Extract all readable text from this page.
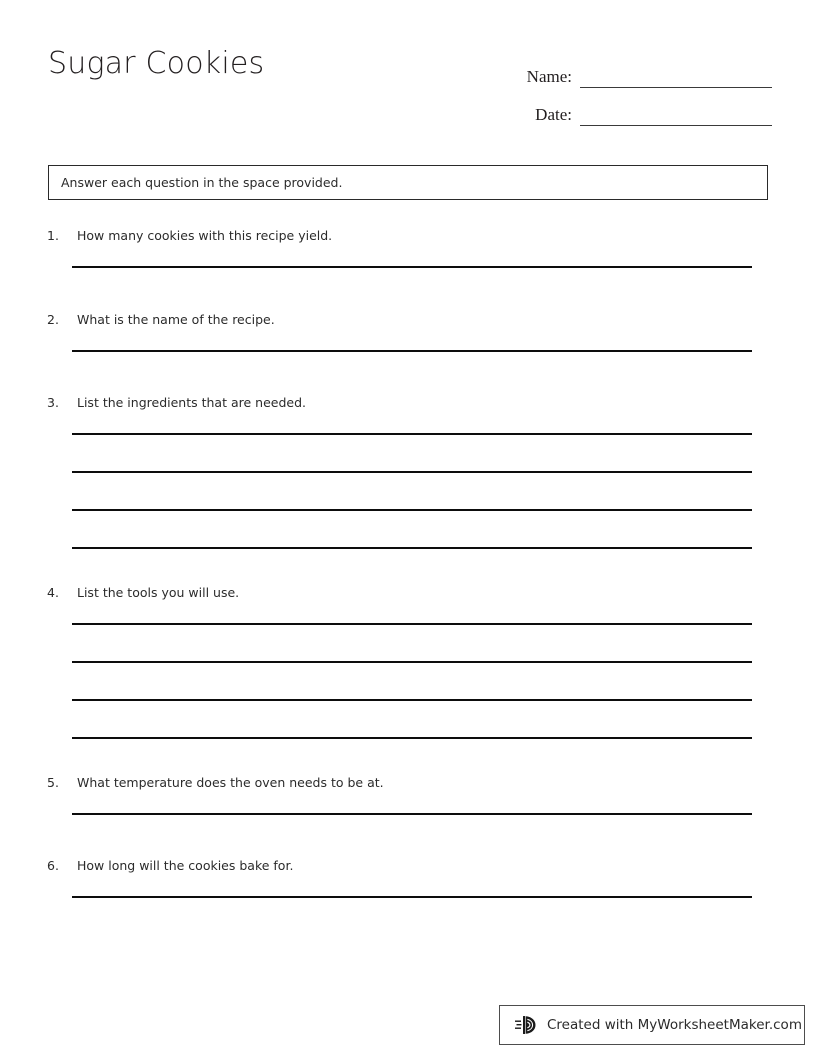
Sugar Cookies	Name:
Date:
Answer each question in the space provided.
1.	How many cookies with this recipe yield.
2.	What is the name of the recipe.
3.	List the ingredients that are needed.
4.	List the tools you will use.
5.	What temperature does the oven needs to be at.
6.	How long will the cookies bake for.
Created with MyWorksheetMaker.com
